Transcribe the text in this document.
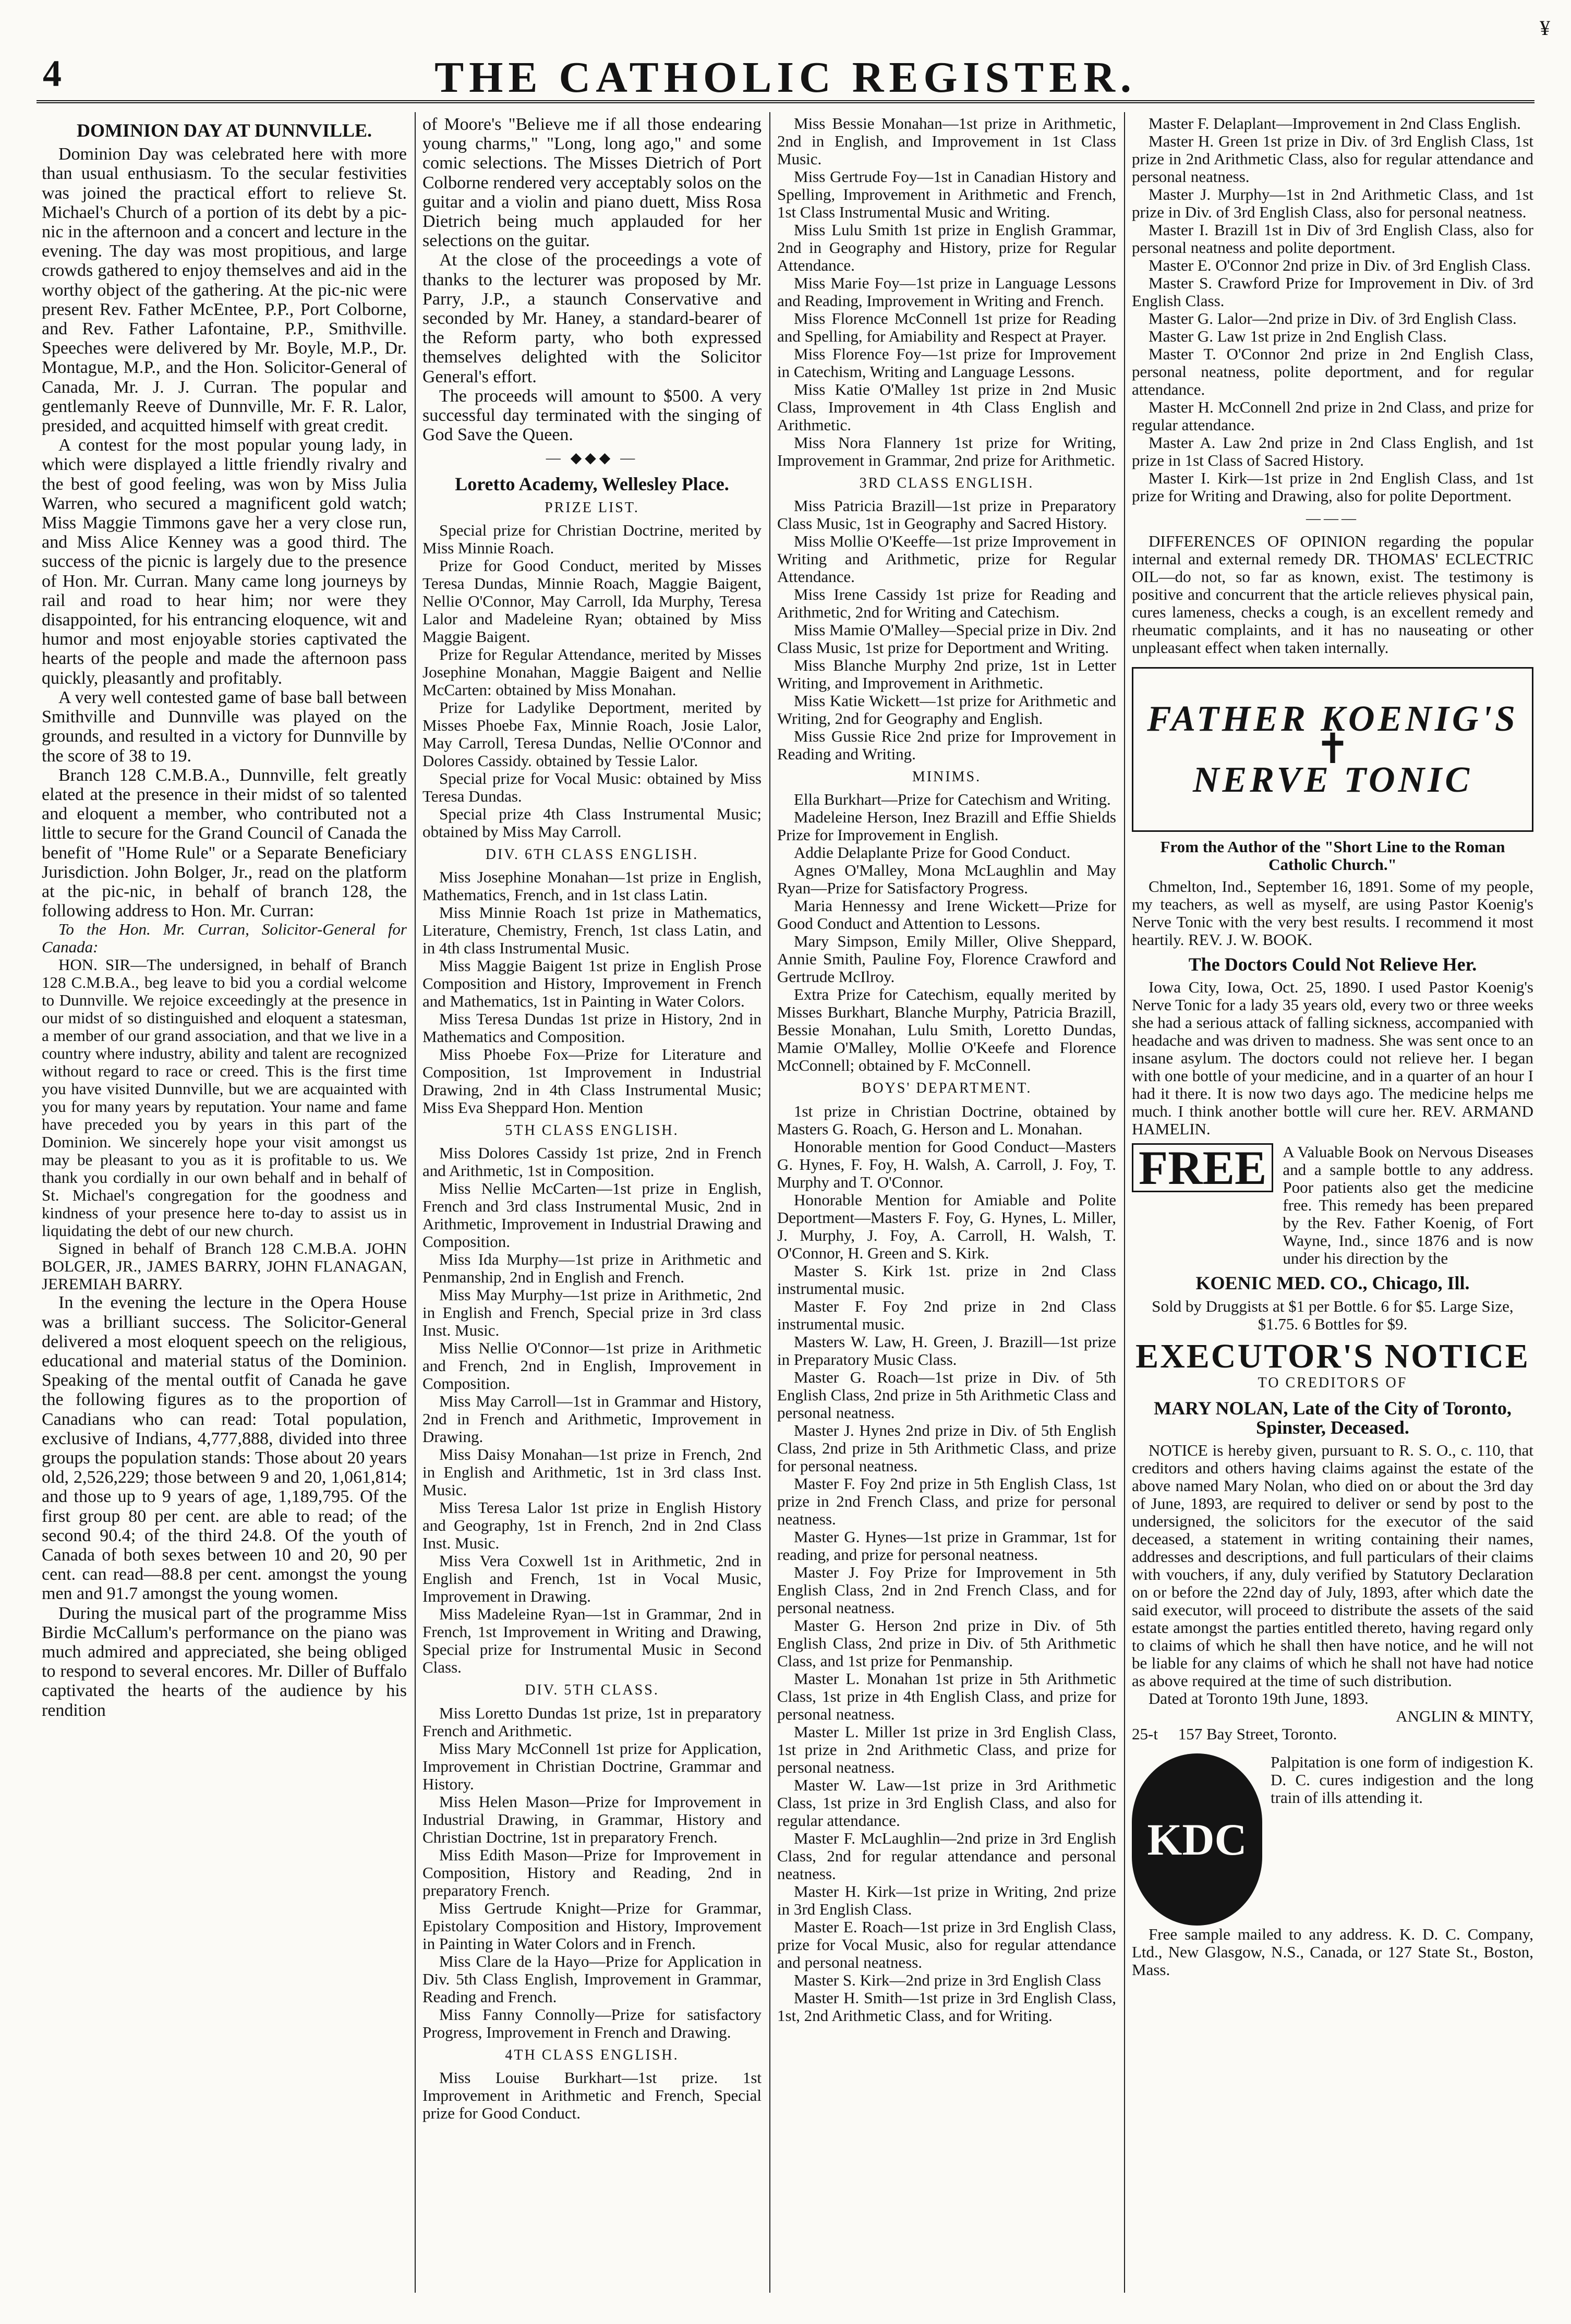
4	THE CATHOLIC REGISTER.
¥
DOMINION DAY AT DUNNVILLE.

Dominion Day was celebrated here with more than usual enthusiasm. To the secular festivities was joined the practical effort to relieve St. Michael's Church of a portion of its debt by a pic-nic in the afternoon and a concert and lecture in the evening. The day was most propitious, and large crowds gathered to enjoy themselves and aid in the worthy object of the gathering. At the pic-nic were present Rev. Father McEntee, P.P., Port Colborne, and Rev. Father Lafontaine, P.P., Smithville. Speeches were delivered by Mr. Boyle, M.P., Dr. Montague, M.P., and the Hon. Solicitor-General of Canada, Mr. J. J. Curran. The popular and gentlemanly Reeve of Dunnville, Mr. F. R. Lalor, presided, and acquitted himself with great credit.

A contest for the most popular young lady, in which were displayed a little friendly rivalry and the best of good feeling, was won by Miss Julia Warren, who secured a magnificent gold watch; Miss Maggie Timmons gave her a very close run, and Miss Alice Kenney was a good third. The success of the picnic is largely due to the presence of Hon. Mr. Curran. Many came long journeys by rail and road to hear him; nor were they disappointed, for his entrancing eloquence, wit and humor and most enjoyable stories captivated the hearts of the people and made the afternoon pass quickly, pleasantly and profitably.

A very well contested game of base ball between Smithville and Dunnville was played on the grounds, and resulted in a victory for Dunnville by the score of 38 to 19.

Branch 128 C.M.B.A., Dunnville, felt greatly elated at the presence in their midst of so talented and eloquent a member, who contributed not a little to secure for the Grand Council of Canada the benefit of "Home Rule" or a Separate Beneficiary Jurisdiction. John Bolger, Jr., read on the platform at the pic-nic, in behalf of branch 128, the following address to Hon. Mr. Curran:

To the Hon. Mr. Curran, Solicitor-General for Canada:

HON. SIR—The undersigned, in behalf of Branch 128 C.M.B.A., beg leave to bid you a cordial welcome to Dunnville. We rejoice exceedingly at the presence in our midst of so distinguished and eloquent a statesman, a member of our grand association, and that we live in a country where industry, ability and talent are recognized without regard to race or creed. This is the first time you have visited Dunnville, but we are acquainted with you for many years by reputation. Your name and fame have preceded you by years in this part of the Dominion. We sincerely hope your visit amongst us may be pleasant to you as it is profitable to us. We thank you cordially in our own behalf and in behalf of St. Michael's congregation for the goodness and kindness of your presence here to-day to assist us in liquidating the debt of our new church.

Signed in behalf of Branch 128 C.M.B.A. JOHN BOLGER, JR., JAMES BARRY, JOHN FLANAGAN, JEREMIAH BARRY.

In the evening the lecture in the Opera House was a brilliant success. The Solicitor-General delivered a most eloquent speech on the religious, educational and material status of the Dominion. Speaking of the mental outfit of Canada he gave the following figures as to the proportion of Canadians who can read: Total population, exclusive of Indians, 4,777,888, divided into three groups the population stands: Those about 20 years old, 2,526,229; those between 9 and 20, 1,061,814; and those up to 9 years of age, 1,189,795. Of the first group 80 per cent. are able to read; of the second 90.4; of the third 24.8. Of the youth of Canada of both sexes between 10 and 20, 90 per cent. can read—88.8 per cent. amongst the young men and 91.7 amongst the young women.

During the musical part of the programme Miss Birdie McCallum's performance on the piano was much admired and appreciated, she being obliged to respond to several encores. Mr. Diller of Buffalo captivated the hearts of the audience by his rendition

of Moore's "Believe me if all those endearing young charms," "Long, long ago," and some comic selections. The Misses Dietrich of Port Colborne rendered very acceptably solos on the guitar and a violin and piano duett, Miss Rosa Dietrich being much applauded for her selections on the guitar.

At the close of the proceedings a vote of thanks to the lecturer was proposed by Mr. Parry, J.P., a staunch Conservative and seconded by Mr. Haney, a standard-bearer of the Reform party, who both expressed themselves delighted with the Solicitor General's effort.

The proceeds will amount to $500. A very successful day terminated with the singing of God Save the Queen.

— ◆◆◆ —
Loretto Academy, Wellesley Place.
PRIZE LIST.

Special prize for Christian Doctrine, merited by Miss Minnie Roach.

Prize for Good Conduct, merited by Misses Teresa Dundas, Minnie Roach, Maggie Baigent, Nellie O'Connor, May Carroll, Ida Murphy, Teresa Lalor and Madeleine Ryan; obtained by Miss Maggie Baigent.

Prize for Regular Attendance, merited by Misses Josephine Monahan, Maggie Baigent and Nellie McCarten: obtained by Miss Monahan.

Prize for Ladylike Deportment, merited by Misses Phoebe Fax, Minnie Roach, Josie Lalor, May Carroll, Teresa Dundas, Nellie O'Connor and Dolores Cassidy. obtained by Tessie Lalor.

Special prize for Vocal Music: obtained by Miss Teresa Dundas.

Special prize 4th Class Instrumental Music; obtained by Miss May Carroll.

DIV. 6TH CLASS ENGLISH.

Miss Josephine Monahan—1st prize in English, Mathematics, French, and in 1st class Latin.

Miss Minnie Roach 1st prize in Mathematics, Literature, Chemistry, French, 1st class Latin, and in 4th class Instrumental Music.

Miss Maggie Baigent 1st prize in English Prose Composition and History, Improvement in French and Mathematics, 1st in Painting in Water Colors.

Miss Teresa Dundas 1st prize in History, 2nd in Mathematics and Composition.

Miss Phoebe Fox—Prize for Literature and Composition, 1st Improvement in Industrial Drawing, 2nd in 4th Class Instrumental Music; Miss Eva Sheppard Hon. Mention

5TH CLASS ENGLISH.

Miss Dolores Cassidy 1st prize, 2nd in French and Arithmetic, 1st in Composition.

Miss Nellie McCarten—1st prize in English, French and 3rd class Instrumental Music, 2nd in Arithmetic, Improvement in Industrial Drawing and Composition.

Miss Ida Murphy—1st prize in Arithmetic and Penmanship, 2nd in English and French.

Miss May Murphy—1st prize in Arithmetic, 2nd in English and French, Special prize in 3rd class Inst. Music.

Miss Nellie O'Connor—1st prize in Arithmetic and French, 2nd in English, Improvement in Composition.

Miss May Carroll—1st in Grammar and History, 2nd in French and Arithmetic, Improvement in Drawing.

Miss Daisy Monahan—1st prize in French, 2nd in English and Arithmetic, 1st in 3rd class Inst. Music.

Miss Teresa Lalor 1st prize in English History and Geography, 1st in French, 2nd in 2nd Class Inst. Music.

Miss Vera Coxwell 1st in Arithmetic, 2nd in English and French, 1st in Vocal Music, Improvement in Drawing.

Miss Madeleine Ryan—1st in Grammar, 2nd in French, 1st Improvement in Writing and Drawing, Special prize for Instrumental Music in Second Class.

DIV. 5TH CLASS.

Miss Loretto Dundas 1st prize, 1st in preparatory French and Arithmetic.

Miss Mary McConnell 1st prize for Application, Improvement in Christian Doctrine, Grammar and History.

Miss Helen Mason—Prize for Improvement in Industrial Drawing, in Grammar, History and Christian Doctrine, 1st in preparatory French.

Miss Edith Mason—Prize for Improvement in Composition, History and Reading, 2nd in preparatory French.

Miss Gertrude Knight—Prize for Grammar, Epistolary Composition and History, Improvement in Painting in Water Colors and in French.

Miss Clare de la Hayo—Prize for Application in Div. 5th Class English, Improvement in Grammar, Reading and French.

Miss Fanny Connolly—Prize for satisfactory Progress, Improvement in French and Drawing.

4TH CLASS ENGLISH.

Miss Louise Burkhart—1st prize. 1st Improvement in Arithmetic and French, Special prize for Good Conduct.

Miss Bessie Monahan—1st prize in Arithmetic, 2nd in English, and Improvement in 1st Class Music.

Miss Gertrude Foy—1st in Canadian History and Spelling, Improvement in Arithmetic and French, 1st Class Instrumental Music and Writing.

Miss Lulu Smith 1st prize in English Grammar, 2nd in Geography and History, prize for Regular Attendance.

Miss Marie Foy—1st prize in Language Lessons and Reading, Improvement in Writing and French.

Miss Florence McConnell 1st prize for Reading and Spelling, for Amiability and Respect at Prayer.

Miss Florence Foy—1st prize for Improvement in Catechism, Writing and Language Lessons.

Miss Katie O'Malley 1st prize in 2nd Music Class, Improvement in 4th Class English and Arithmetic.

Miss Nora Flannery 1st prize for Writing, Improvement in Grammar, 2nd prize for Arithmetic.

3RD CLASS ENGLISH.

Miss Patricia Brazill—1st prize in Preparatory Class Music, 1st in Geography and Sacred History.

Miss Mollie O'Keeffe—1st prize Improvement in Writing and Arithmetic, prize for Regular Attendance.

Miss Irene Cassidy 1st prize for Reading and Arithmetic, 2nd for Writing and Catechism.

Miss Mamie O'Malley—Special prize in Div. 2nd Class Music, 1st prize for Deportment and Writing.

Miss Blanche Murphy 2nd prize, 1st in Letter Writing, and Improvement in Arithmetic.

Miss Katie Wickett—1st prize for Arithmetic and Writing, 2nd for Geography and English.

Miss Gussie Rice 2nd prize for Improvement in Reading and Writing.

MINIMS.

Ella Burkhart—Prize for Catechism and Writing.

Madeleine Herson, Inez Brazill and Effie Shields Prize for Improvement in English.

Addie Delaplante Prize for Good Conduct.

Agnes O'Malley, Mona McLaughlin and May Ryan—Prize for Satisfactory Progress.

Maria Hennessy and Irene Wickett—Prize for Good Conduct and Attention to Lessons.

Mary Simpson, Emily Miller, Olive Sheppard, Annie Smith, Pauline Foy, Florence Crawford and Gertrude McIlroy.

Extra Prize for Catechism, equally merited by Misses Burkhart, Blanche Murphy, Patricia Brazill, Bessie Monahan, Lulu Smith, Loretto Dundas, Mamie O'Malley, Mollie O'Keefe and Florence McConnell; obtained by F. McConnell.

BOYS' DEPARTMENT.

1st prize in Christian Doctrine, obtained by Masters G. Roach, G. Herson and L. Monahan.

Honorable mention for Good Conduct—Masters G. Hynes, F. Foy, H. Walsh, A. Carroll, J. Foy, T. Murphy and T. O'Connor.

Honorable Mention for Amiable and Polite Deportment—Masters F. Foy, G. Hynes, L. Miller, J. Murphy, J. Foy, A. Carroll, H. Walsh, T. O'Connor, H. Green and S. Kirk.

Master S. Kirk 1st. prize in 2nd Class instrumental music.

Master F. Foy 2nd prize in 2nd Class instrumental music.

Masters W. Law, H. Green, J. Brazill—1st prize in Preparatory Music Class.

Master G. Roach—1st prize in Div. of 5th English Class, 2nd prize in 5th Arithmetic Class and personal neatness.

Master J. Hynes 2nd prize in Div. of 5th English Class, 2nd prize in 5th Arithmetic Class, and prize for personal neatness.

Master F. Foy 2nd prize in 5th English Class, 1st prize in 2nd French Class, and prize for personal neatness.

Master G. Hynes—1st prize in Grammar, 1st for reading, and prize for personal neatness.

Master J. Foy Prize for Improvement in 5th English Class, 2nd in 2nd French Class, and for personal neatness.

Master G. Herson 2nd prize in Div. of 5th English Class, 2nd prize in Div. of 5th Arithmetic Class, and 1st prize for Penmanship.

Master L. Monahan 1st prize in 5th Arithmetic Class, 1st prize in 4th English Class, and prize for personal neatness.

Master L. Miller 1st prize in 3rd English Class, 1st prize in 2nd Arithmetic Class, and prize for personal neatness.

Master W. Law—1st prize in 3rd Arithmetic Class, 1st prize in 3rd English Class, and also for regular attendance.

Master F. McLaughlin—2nd prize in 3rd English Class, 2nd for regular attendance and personal neatness.

Master H. Kirk—1st prize in Writing, 2nd prize in 3rd English Class.

Master E. Roach—1st prize in 3rd English Class, prize for Vocal Music, also for regular attendance and personal neatness.

Master S. Kirk—2nd prize in 3rd English Class

Master H. Smith—1st prize in 3rd English Class, 1st, 2nd Arithmetic Class, and for Writing.

Master F. Delaplant—Improvement in 2nd Class English.

Master H. Green 1st prize in Div. of 3rd English Class, 1st prize in 2nd Arithmetic Class, also for regular attendance and personal neatness.

Master J. Murphy—1st in 2nd Arithmetic Class, and 1st prize in Div. of 3rd English Class, also for personal neatness.

Master I. Brazill 1st in Div of 3rd English Class, also for personal neatness and polite deportment.

Master E. O'Connor 2nd prize in Div. of 3rd English Class.

Master S. Crawford Prize for Improvement in Div. of 3rd English Class.

Master G. Lalor—2nd prize in Div. of 3rd English Class.

Master G. Law 1st prize in 2nd English Class.

Master T. O'Connor 2nd prize in 2nd English Class, personal neatness, polite deportment, and for regular attendance.

Master H. McConnell 2nd prize in 2nd Class, and prize for regular attendance.

Master A. Law 2nd prize in 2nd Class English, and 1st prize in 1st Class of Sacred History.

Master I. Kirk—1st prize in 2nd English Class, and 1st prize for Writing and Drawing, also for polite Deportment.

———

DIFFERENCES OF OPINION regarding the popular internal and external remedy DR. THOMAS' ECLECTRIC OIL—do not, so far as known, exist. The testimony is positive and concurrent that the article relieves physical pain, cures lameness, checks a cough, is an excellent remedy and rheumatic complaints, and it has no nauseating or other unpleasant effect when taken internally.

FATHER KOENIG'S
✝
NERVE TONIC
From the Author of the "Short Line to the Roman Catholic Church."

Chmelton, Ind., September 16, 1891. Some of my people, my teachers, as well as myself, are using Pastor Koenig's Nerve Tonic with the very best results. I recommend it most heartily. REV. J. W. BOOK.

The Doctors Could Not Relieve Her.

Iowa City, Iowa, Oct. 25, 1890. I used Pastor Koenig's Nerve Tonic for a lady 35 years old, every two or three weeks she had a serious attack of falling sickness, accompanied with headache and was driven to madness. She was sent once to an insane asylum. The doctors could not relieve her. I began with one bottle of your medicine, and in a quarter of an hour I had it there. It is now two days ago. The medicine helps me much. I think another bottle will cure her. REV. ARMAND HAMELIN.

FREE	A Valuable Book on Nervous Diseases and a sample bottle to any address. Poor patients also get the medicine free. This remedy has been prepared by the Rev. Father Koenig, of Fort Wayne, Ind., since 1876 and is now under his direction by the
KOENIC MED. CO., Chicago, Ill.

Sold by Druggists at $1 per Bottle. 6 for $5. Large Size, $1.75. 6 Bottles for $9.

EXECUTOR'S NOTICE
TO CREDITORS OF
MARY NOLAN, Late of the City of Toronto, Spinster, Deceased.

NOTICE is hereby given, pursuant to R. S. O., c. 110, that creditors and others having claims against the estate of the above named Mary Nolan, who died on or about the 3rd day of June, 1893, are required to deliver or send by post to the undersigned, the solicitors for the executor of the said deceased, a statement in writing containing their names, addresses and descriptions, and full particulars of their claims with vouchers, if any, duly verified by Statutory Declaration on or before the 22nd day of July, 1893, after which date the said executor, will proceed to distribute the assets of the said estate amongst the parties entitled thereto, having regard only to claims of which he shall then have notice, and he will not be liable for any claims of which he shall not have had notice as above required at the time of such distribution.

Dated at Toronto 19th June, 1893.

ANGLIN & MINTY,

25-t 157 Bay Street, Toronto.

KDC

Palpitation is one form of indigestion K. D. C. cures indigestion and the long train of ills attending it.

Free sample mailed to any address. K. D. C. Company, Ltd., New Glasgow, N.S., Canada, or 127 State St., Boston, Mass.
